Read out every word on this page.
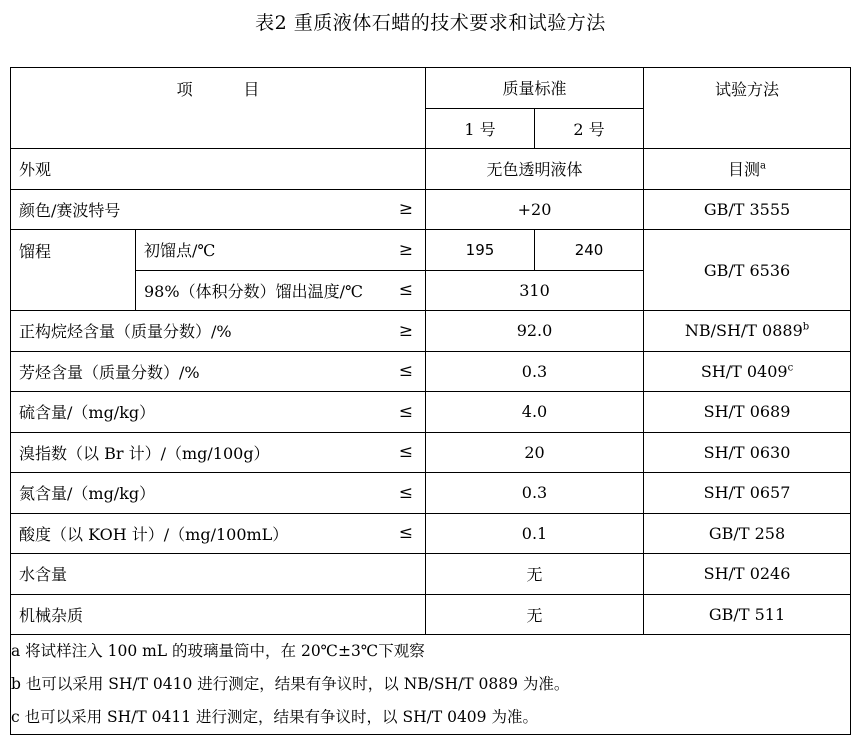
表2 重质液体石蜡的技术要求和试验方法
项          目		质量标准		试验方法
		1 号	2 号	
外观		无色透明液体		目测$^a$

颜色/赛波特号 ≥		+20		GB/T 3555
馏程	初馏点/℃ ≥	195	240	GB/T 6536

	98%（体积分数）馏出温度/℃ ≤	310		

正构烷烃含量（质量分数）/% ≥		92.0		NB/SH/T 0889$^b$

芳烃含量（质量分数）/% ≤		0.3		SH/T 0409$^c$

硫含量/（mg/kg） ≤		4.0		SH/T 0689

溴指数（以 Br 计）/（mg/100g） ≤		20		SH/T 0630

氮含量/（mg/kg） ≤		0.3		SH/T 0657

酸度（以 KOH 计）/（mg/100mL） ≤		0.1		GB/T 258
水含量		无		SH/T 0246
机械杂质		无		GB/T 511

a 将试样注入 100 mL 的玻璃量筒中，在 20℃±3℃下观察
b 也可以采用 SH/T 0410 进行测定，结果有争议时，以 NB/SH/T 0889 为准。
c 也可以采用 SH/T 0411 进行测定，结果有争议时，以 SH/T 0409 为准。				
